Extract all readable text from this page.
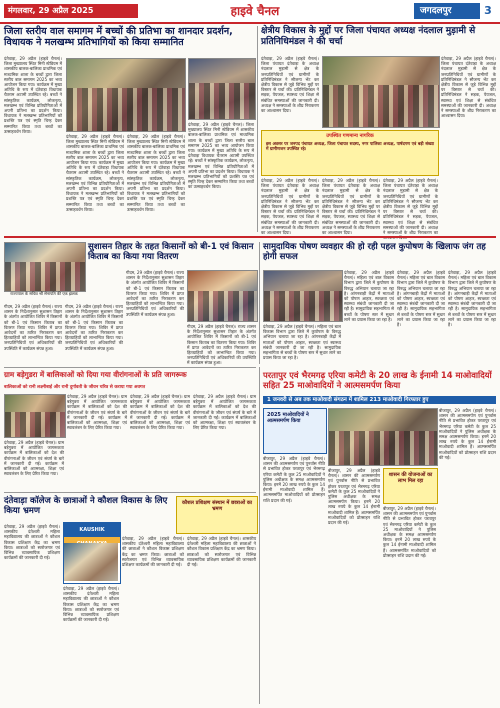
मंगलवार, 29 अप्रैल 2025	हाइवे चैनल	जगदलपुर	3
जिला स्तरीय वाल समागम में बच्चों की प्रतिभा का शानदार प्रदर्शन, विधायक ने मलखम्भ प्रतिभागियों को किया सम्मानित
दंतेवाड़ा, 29 अप्रैल (हाइवे चैनल)। जिला मुख्यालय स्थित मिनी स्टेडियम में शासकीय बालक-बालिका प्राथमिक एवं माध्यमिक शाला के बच्चों द्वारा जिला स्तरीय बाल समागम 2025 का भव्य आयोजन किया गया। कार्यक्रम में मुख्य अतिथि के रूप में दंतेवाड़ा विधायक चैतराम अटामी उपस्थित रहे। बच्चों ने सांस्कृतिक कार्यक्रम, लोकनृत्य, मलखम्भ एवं विभिन्न प्रतियोगिताओं में अपनी प्रतिभा का प्रदर्शन किया। विधायक ने मलखम्भ प्रतिभागियों को प्रशस्ति पत्र एवं स्मृति चिन्ह देकर सम्मानित किया तथा बच्चों का उत्साहवर्धन किया।
दंतेवाड़ा, 29 अप्रैल (हाइवे चैनल)। जिला मुख्यालय स्थित मिनी स्टेडियम में शासकीय बालक-बालिका प्राथमिक एवं माध्यमिक शाला के बच्चों द्वारा जिला स्तरीय बाल समागम 2025 का भव्य आयोजन किया गया। कार्यक्रम में मुख्य अतिथि के रूप में दंतेवाड़ा विधायक चैतराम अटामी उपस्थित रहे। बच्चों ने सांस्कृतिक कार्यक्रम, लोकनृत्य, मलखम्भ एवं विभिन्न प्रतियोगिताओं में अपनी प्रतिभा का प्रदर्शन किया। विधायक ने मलखम्भ प्रतिभागियों को प्रशस्ति पत्र एवं स्मृति चिन्ह देकर सम्मानित किया तथा बच्चों का उत्साहवर्धन किया।
दंतेवाड़ा, 29 अप्रैल (हाइवे चैनल)। जिला मुख्यालय स्थित मिनी स्टेडियम में शासकीय बालक-बालिका प्राथमिक एवं माध्यमिक शाला के बच्चों द्वारा जिला स्तरीय बाल समागम 2025 का भव्य आयोजन किया गया। कार्यक्रम में मुख्य अतिथि के रूप में दंतेवाड़ा विधायक चैतराम अटामी उपस्थित रहे। बच्चों ने सांस्कृतिक कार्यक्रम, लोकनृत्य, मलखम्भ एवं विभिन्न प्रतियोगिताओं में अपनी प्रतिभा का प्रदर्शन किया। विधायक ने मलखम्भ प्रतिभागियों को प्रशस्ति पत्र एवं स्मृति चिन्ह देकर सम्मानित किया तथा बच्चों का उत्साहवर्धन किया।
दंतेवाड़ा, 29 अप्रैल (हाइवे चैनल)। जिला मुख्यालय स्थित मिनी स्टेडियम में शासकीय बालक-बालिका प्राथमिक एवं माध्यमिक शाला के बच्चों द्वारा जिला स्तरीय बाल समागम 2025 का भव्य आयोजन किया गया। कार्यक्रम में मुख्य अतिथि के रूप में दंतेवाड़ा विधायक चैतराम अटामी उपस्थित रहे। बच्चों ने सांस्कृतिक कार्यक्रम, लोकनृत्य, मलखम्भ एवं विभिन्न प्रतियोगिताओं में अपनी प्रतिभा का प्रदर्शन किया। विधायक ने मलखम्भ प्रतिभागियों को प्रशस्ति पत्र एवं स्मृति चिन्ह देकर सम्मानित किया तथा बच्चों का उत्साहवर्धन किया।
क्षेत्रीय विकास के मुद्दों पर जिला पंचायत अध्यक्ष नंदलाल मुड़ामी से प्रतिनिधिमंडल ने की चर्चा
दंतेवाड़ा, 29 अप्रैल (हाइवे चैनल)। जिला पंचायत दंतेवाड़ा के अध्यक्ष नंदलाल मुड़ामी से क्षेत्र के जनप्रतिनिधियों एवं ग्रामीणों के प्रतिनिधिमंडल ने सौजन्य भेंट कर क्षेत्रीय विकास से जुड़े विभिन्न मुद्दों पर विस्तार से चर्चा की। प्रतिनिधिमंडल ने सड़क, पेयजल, स्वास्थ्य एवं शिक्षा से संबंधित समस्याओं की जानकारी दी। अध्यक्ष ने समस्याओं के शीघ्र निराकरण का आश्वासन दिया।
दंतेवाड़ा, 29 अप्रैल (हाइवे चैनल)। जिला पंचायत दंतेवाड़ा के अध्यक्ष नंदलाल मुड़ामी से क्षेत्र के जनप्रतिनिधियों एवं ग्रामीणों के प्रतिनिधिमंडल ने सौजन्य भेंट कर क्षेत्रीय विकास से जुड़े विभिन्न मुद्दों पर विस्तार से चर्चा की। प्रतिनिधिमंडल ने सड़क, पेयजल, स्वास्थ्य एवं शिक्षा से संबंधित समस्याओं की जानकारी दी। अध्यक्ष ने समस्याओं के शीघ्र निराकरण का आश्वासन दिया।
उपस्थित गणमान्य नागरिक
इस अवसर पर जनपद पंचायत अध्यक्ष, जिला पंचायत सदस्य, नगर पालिका अध्यक्ष, पार्षदगण एवं बड़ी संख्या में ग्रामीणजन उपस्थित रहे।
दंतेवाड़ा, 29 अप्रैल (हाइवे चैनल)। जिला पंचायत दंतेवाड़ा के अध्यक्ष नंदलाल मुड़ामी से क्षेत्र के जनप्रतिनिधियों एवं ग्रामीणों के प्रतिनिधिमंडल ने सौजन्य भेंट कर क्षेत्रीय विकास से जुड़े विभिन्न मुद्दों पर विस्तार से चर्चा की। प्रतिनिधिमंडल ने सड़क, पेयजल, स्वास्थ्य एवं शिक्षा से संबंधित समस्याओं की जानकारी दी। अध्यक्ष ने समस्याओं के शीघ्र निराकरण का आश्वासन दिया।
दंतेवाड़ा, 29 अप्रैल (हाइवे चैनल)। जिला पंचायत दंतेवाड़ा के अध्यक्ष नंदलाल मुड़ामी से क्षेत्र के जनप्रतिनिधियों एवं ग्रामीणों के प्रतिनिधिमंडल ने सौजन्य भेंट कर क्षेत्रीय विकास से जुड़े विभिन्न मुद्दों पर विस्तार से चर्चा की। प्रतिनिधिमंडल ने सड़क, पेयजल, स्वास्थ्य एवं शिक्षा से संबंधित समस्याओं की जानकारी दी। अध्यक्ष ने समस्याओं के शीघ्र निराकरण का आश्वासन दिया।
दंतेवाड़ा, 29 अप्रैल (हाइवे चैनल)। जिला पंचायत दंतेवाड़ा के अध्यक्ष नंदलाल मुड़ामी से क्षेत्र के जनप्रतिनिधियों एवं ग्रामीणों के प्रतिनिधिमंडल ने सौजन्य भेंट कर क्षेत्रीय विकास से जुड़े विभिन्न मुद्दों पर विस्तार से चर्चा की। प्रतिनिधिमंडल ने सड़क, पेयजल, स्वास्थ्य एवं शिक्षा से संबंधित समस्याओं की जानकारी दी। अध्यक्ष ने समस्याओं के शीघ्र निराकरण का
सुशासन तिहार के तहत किसानों को बी-1 एवं किसान किताब का किया गया वितरण
राज्यपाल के सचिव श्री सेनापति की एक झलक
गीदम, 29 अप्रैल (हाइवे चैनल)। राज्य शासन के निर्देशानुसार सुशासन तिहार के अंतर्गत आयोजित शिविर में किसानों को बी-1 एवं किसान किताब का वितरण किया गया। शिविर में प्राप्त आवेदनों का त्वरित निराकरण कर हितग्राहियों को लाभान्वित किया गया। जनप्रतिनिधियों एवं अधिकारियों की उपस्थिति में कार्यक्रम संपन्न हुआ।
गीदम, 29 अप्रैल (हाइवे चैनल)। राज्य शासन के निर्देशानुसार सुशासन तिहार के अंतर्गत आयोजित शिविर में किसानों को बी-1 एवं किसान किताब का वितरण किया गया। शिविर में प्राप्त आवेदनों का त्वरित निराकरण कर हितग्राहियों को लाभान्वित किया गया। जनप्रतिनिधियों एवं अधिकारियों की उपस्थिति में कार्यक्रम संपन्न हुआ।
गीदम, 29 अप्रैल (हाइवे चैनल)। राज्य शासन के निर्देशानुसार सुशासन तिहार के अंतर्गत आयोजित शिविर में किसानों को बी-1 एवं किसान किताब का वितरण किया गया। शिविर में प्राप्त आवेदनों का त्वरित निराकरण कर हितग्राहियों को लाभान्वित किया गया। जनप्रतिनिधियों एवं अधिकारियों की उपस्थिति में कार्यक्रम संपन्न हुआ।
गीदम, 29 अप्रैल (हाइवे चैनल)। राज्य शासन के निर्देशानुसार सुशासन तिहार के अंतर्गत आयोजित शिविर में किसानों को बी-1 एवं किसान किताब का वितरण किया गया। शिविर में प्राप्त आवेदनों का त्वरित निराकरण कर हितग्राहियों को लाभान्वित किया गया। जनप्रतिनिधियों एवं अधिकारियों की उपस्थिति में कार्यक्रम संपन्न हुआ।
सामुदायिक पोषण व्यवहार की हो रही पहल कुपोषण के खिलाफ जंग तह होगी सफल
दंतेवाड़ा, 29 अप्रैल (हाइवे चैनल)। महिला एवं बाल विकास विभाग द्वारा जिले में कुपोषण के विरुद्ध अभियान चलाया जा रहा है। आंगनबाड़ी केंद्रों में माताओं को पोषण आहार, स्वच्छता एवं स्वास्थ्य संबंधी जानकारी दी जा रही है। सामुदायिक सहभागिता से बच्चों के पोषण स्तर में सुधार लाने का प्रयास किया जा रहा है।
दंतेवाड़ा, 29 अप्रैल (हाइवे चैनल)। महिला एवं बाल विकास विभाग द्वारा जिले में कुपोषण के विरुद्ध अभियान चलाया जा रहा है। आंगनबाड़ी केंद्रों में माताओं को पोषण आहार, स्वच्छता एवं स्वास्थ्य संबंधी जानकारी दी जा रही है। सामुदायिक सहभागिता से बच्चों के पोषण स्तर में सुधार लाने का प्रयास किया जा रहा है।
दंतेवाड़ा, 29 अप्रैल (हाइवे चैनल)। महिला एवं बाल विकास विभाग द्वारा जिले में कुपोषण के विरुद्ध अभियान चलाया जा रहा है। आंगनबाड़ी केंद्रों में माताओं को पोषण आहार, स्वच्छता एवं स्वास्थ्य संबंधी जानकारी दी जा रही है। सामुदायिक सहभागिता से बच्चों के पोषण स्तर में सुधार लाने का प्रयास किया जा रहा है।
दंतेवाड़ा, 29 अप्रैल (हाइवे चैनल)। महिला एवं बाल विकास विभाग द्वारा जिले में कुपोषण के विरुद्ध अभियान चलाया जा रहा है। आंगनबाड़ी केंद्रों में माताओं को पोषण आहार, स्वच्छता एवं स्वास्थ्य संबंधी जानकारी दी जा रही है। सामुदायिक सहभागिता से बच्चों के पोषण स्तर में सुधार लाने का प्रयास किया जा रहा है।
ग्राम बड़ेगुडरा में बालिकाओं को दिया गया वीरांगनाओं के प्रति जागरूक
बालिकाओं को रानी लक्ष्मीबाई और रानी दुर्गावती के जीवन चरित्र से कराया गया अवगत
दंतेवाड़ा, 29 अप्रैल (हाइवे चैनल)। ग्राम बड़ेगुडरा में आयोजित जागरूकता कार्यक्रम में बालिकाओं को देश की वीरांगनाओं के जीवन एवं संघर्ष के बारे में जानकारी दी गई। कार्यक्रम में बालिकाओं को आत्मरक्षा, शिक्षा एवं स्वावलंबन के लिए प्रेरित किया गया।
दंतेवाड़ा, 29 अप्रैल (हाइवे चैनल)। ग्राम बड़ेगुडरा में आयोजित जागरूकता कार्यक्रम में बालिकाओं को देश की वीरांगनाओं के जीवन एवं संघर्ष के बारे में जानकारी दी गई। कार्यक्रम में बालिकाओं को आत्मरक्षा, शिक्षा एवं स्वावलंबन के लिए प्रेरित किया गया।
दंतेवाड़ा, 29 अप्रैल (हाइवे चैनल)। ग्राम बड़ेगुडरा में आयोजित जागरूकता कार्यक्रम में बालिकाओं को देश की वीरांगनाओं के जीवन एवं संघर्ष के बारे में जानकारी दी गई। कार्यक्रम में बालिकाओं को आत्मरक्षा, शिक्षा एवं स्वावलंबन के लिए प्रेरित किया गया।
दंतेवाड़ा, 29 अप्रैल (हाइवे चैनल)। ग्राम बड़ेगुडरा में आयोजित जागरूकता कार्यक्रम में बालिकाओं को देश की वीरांगनाओं के जीवन एवं संघर्ष के बारे में जानकारी दी गई। कार्यक्रम में बालिकाओं को आत्मरक्षा, शिक्षा एवं स्वावलंबन के लिए प्रेरित किया गया।
दंतेवाड़ा कॉलेज के छात्राओं ने कौशल विकास के लिए किया भ्रमण
दंतेवाड़ा, 29 अप्रैल (हाइवे चैनल)। शासकीय दंतेश्वरी महिला महाविद्यालय की छात्राओं ने कौशल विकास प्रशिक्षण केंद्र का भ्रमण किया। छात्राओं को स्वरोजगार एवं विभिन्न व्यावसायिक प्रशिक्षण कार्यक्रमों की जानकारी दी गई।
KAUSHIK
दंतेवाड़ा, 29 अप्रैल (हाइवे चैनल)। शासकीय दंतेश्वरी महिला महाविद्यालय की छात्राओं ने कौशल विकास प्रशिक्षण केंद्र का भ्रमण किया। छात्राओं को स्वरोजगार एवं विभिन्न व्यावसायिक प्रशिक्षण कार्यक्रमों की जानकारी दी गई।
कौशल प्रशिक्षण संस्थान में छात्राओं का भ्रमण
दंतेवाड़ा, 29 अप्रैल (हाइवे चैनल)। शासकीय दंतेश्वरी महिला महाविद्यालय की छात्राओं ने कौशल विकास प्रशिक्षण केंद्र का भ्रमण किया। छात्राओं को स्वरोजगार एवं विभिन्न व्यावसायिक प्रशिक्षण कार्यक्रमों की जानकारी दी गई।
दंतेवाड़ा, 29 अप्रैल (हाइवे चैनल)। शासकीय दंतेश्वरी महिला महाविद्यालय की छात्राओं ने कौशल विकास प्रशिक्षण केंद्र का भ्रमण किया। छात्राओं को स्वरोजगार एवं विभिन्न व्यावसायिक प्रशिक्षण कार्यक्रमों की जानकारी दी गई।
परतापुर एवं भैरमगढ़ एरिया कमेटी के 20 लाख के ईनामी 14 माओवादियों सहित 25 माओवादियों ने आत्मसमर्पण किया
1 जनवरी से अब तक माओवादी संगठन में शामिल 213 माओवादी गिरफ्तार हुए
2025 माओवादियों ने आत्मसमर्पण किया
बीजापुर, 29 अप्रैल (हाइवे चैनल)। शासन की आत्मसमर्पण एवं पुनर्वास नीति से प्रभावित होकर परतापुर एवं भैरमगढ़ एरिया कमेटी के कुल 25 माओवादियों ने पुलिस अधीक्षक के समक्ष आत्मसमर्पण किया। इनमें 20 लाख रुपये के कुल 14 ईनामी माओवादी शामिल हैं। आत्मसमर्पित माओवादियों को प्रोत्साहन राशि प्रदान की गई।
बीजापुर, 29 अप्रैल (हाइवे चैनल)। शासन की आत्मसमर्पण एवं पुनर्वास नीति से प्रभावित होकर परतापुर एवं भैरमगढ़ एरिया कमेटी के कुल 25 माओवादियों ने पुलिस अधीक्षक के समक्ष आत्मसमर्पण किया। इनमें 20 लाख रुपये के कुल 14 ईनामी माओवादी शामिल हैं। आत्मसमर्पित माओवादियों को प्रोत्साहन राशि प्रदान की गई।
शासन की योजनाओं का लाभ मिल रहा
बीजापुर, 29 अप्रैल (हाइवे चैनल)। शासन की आत्मसमर्पण एवं पुनर्वास नीति से प्रभावित होकर परतापुर एवं भैरमगढ़ एरिया कमेटी के कुल 25 माओवादियों ने पुलिस अधीक्षक के समक्ष आत्मसमर्पण किया। इनमें 20 लाख रुपये के कुल 14 ईनामी माओवादी शामिल हैं। आत्मसमर्पित माओवादियों को प्रोत्साहन राशि प्रदान की गई।
बीजापुर, 29 अप्रैल (हाइवे चैनल)। शासन की आत्मसमर्पण एवं पुनर्वास नीति से प्रभावित होकर परतापुर एवं भैरमगढ़ एरिया कमेटी के कुल 25 माओवादियों ने पुलिस अधीक्षक के समक्ष आत्मसमर्पण किया। इनमें 20 लाख रुपये के कुल 14 ईनामी माओवादी शामिल हैं। आत्मसमर्पित माओवादियों को प्रोत्साहन राशि प्रदान की गई।
